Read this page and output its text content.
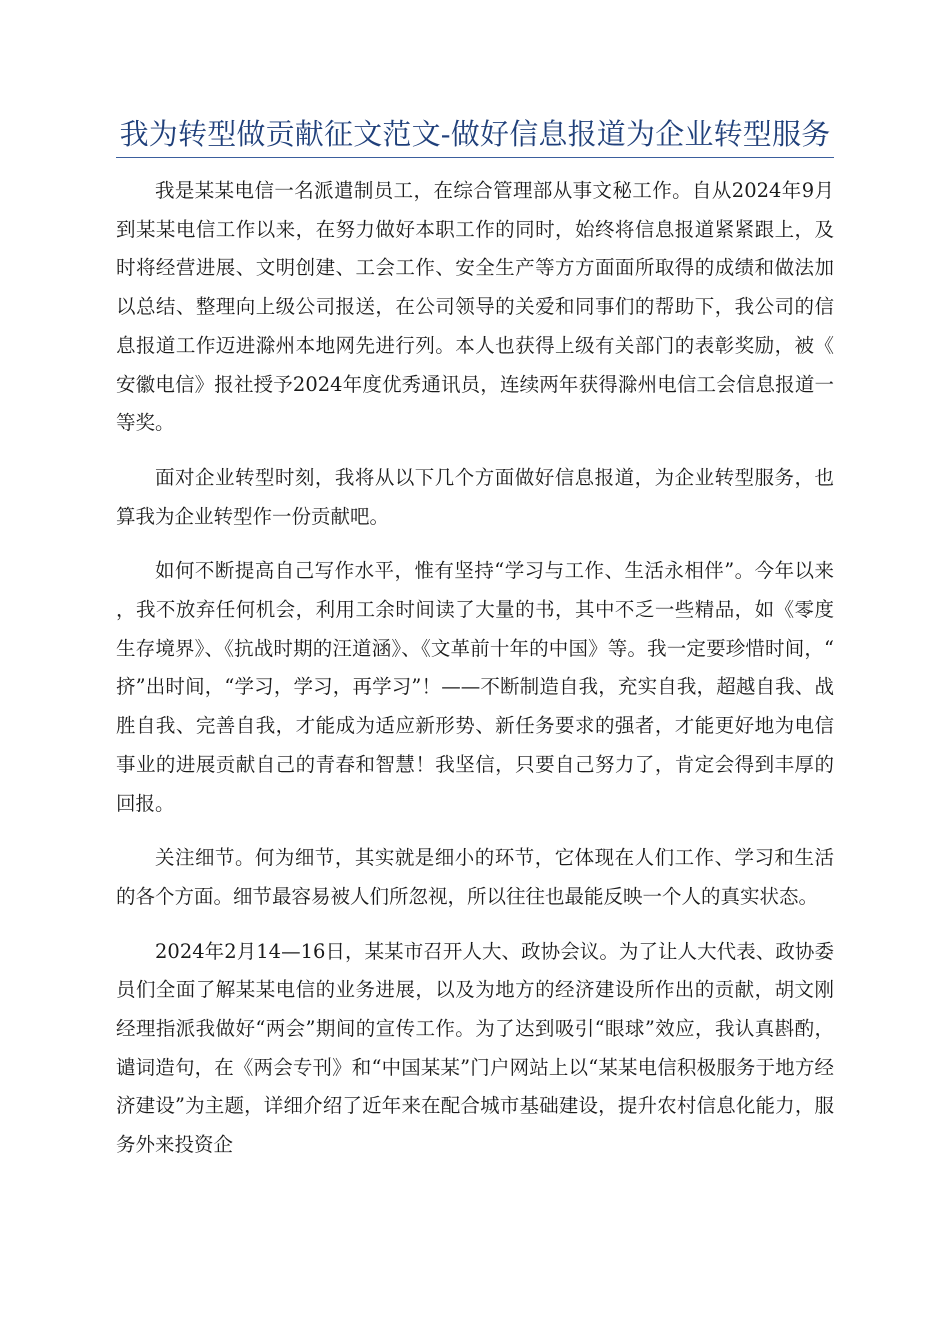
我为转型做贡献征文范文-做好信息报道为企业转型服务

我是某某电信一名派遣制员工，在综合管理部从事文秘工作。自从2024年9月到某某电信工作以来，在努力做好本职工作的同时，始终将信息报道紧紧跟上，及时将经营进展、文明创建、工会工作、安全生产等方方面面所取得的成绩和做法加以总结、整理向上级公司报送，在公司领导的关爱和同事们的帮助下，我公司的信息报道工作迈进滁州本地网先进行列。本人也获得上级有关部门的表彰奖励，被《安徽电信》报社授予2024年度优秀通讯员，连续两年获得滁州电信工会信息报道一等奖。

面对企业转型时刻，我将从以下几个方面做好信息报道，为企业转型服务，也算我为企业转型作一份贡献吧。

如何不断提高自己写作水平，惟有坚持“学习与工作、生活永相伴”。今年以来，我不放弃任何机会，利用工余时间读了大量的书，其中不乏一些精品，如《零度生存境界》、《抗战时期的汪道涵》、《文革前十年的中国》等。我一定要珍惜时间，“挤”出时间，“学习，学习，再学习”！——不断制造自我，充实自我，超越自我、战胜自我、完善自我，才能成为适应新形势、新任务要求的强者，才能更好地为电信事业的进展贡献自己的青春和智慧！我坚信，只要自己努力了，肯定会得到丰厚的回报。

关注细节。何为细节，其实就是细小的环节，它体现在人们工作、学习和生活的各个方面。细节最容易被人们所忽视，所以往往也最能反映一个人的真实状态。

2024年2月14—16日，某某市召开人大、政协会议。为了让人大代表、政协委员们全面了解某某电信的业务进展，以及为地方的经济建设所作出的贡献，胡文刚经理指派我做好“两会”期间的宣传工作。为了达到吸引“眼球”效应，我认真斟酌，谴词造句，在《两会专刊》和“中国某某”门户网站上以“某某电信积极服务于地方经济建设”为主题，详细介绍了近年来在配合城市基础建设，提升农村信息化能力，服务外来投资企
